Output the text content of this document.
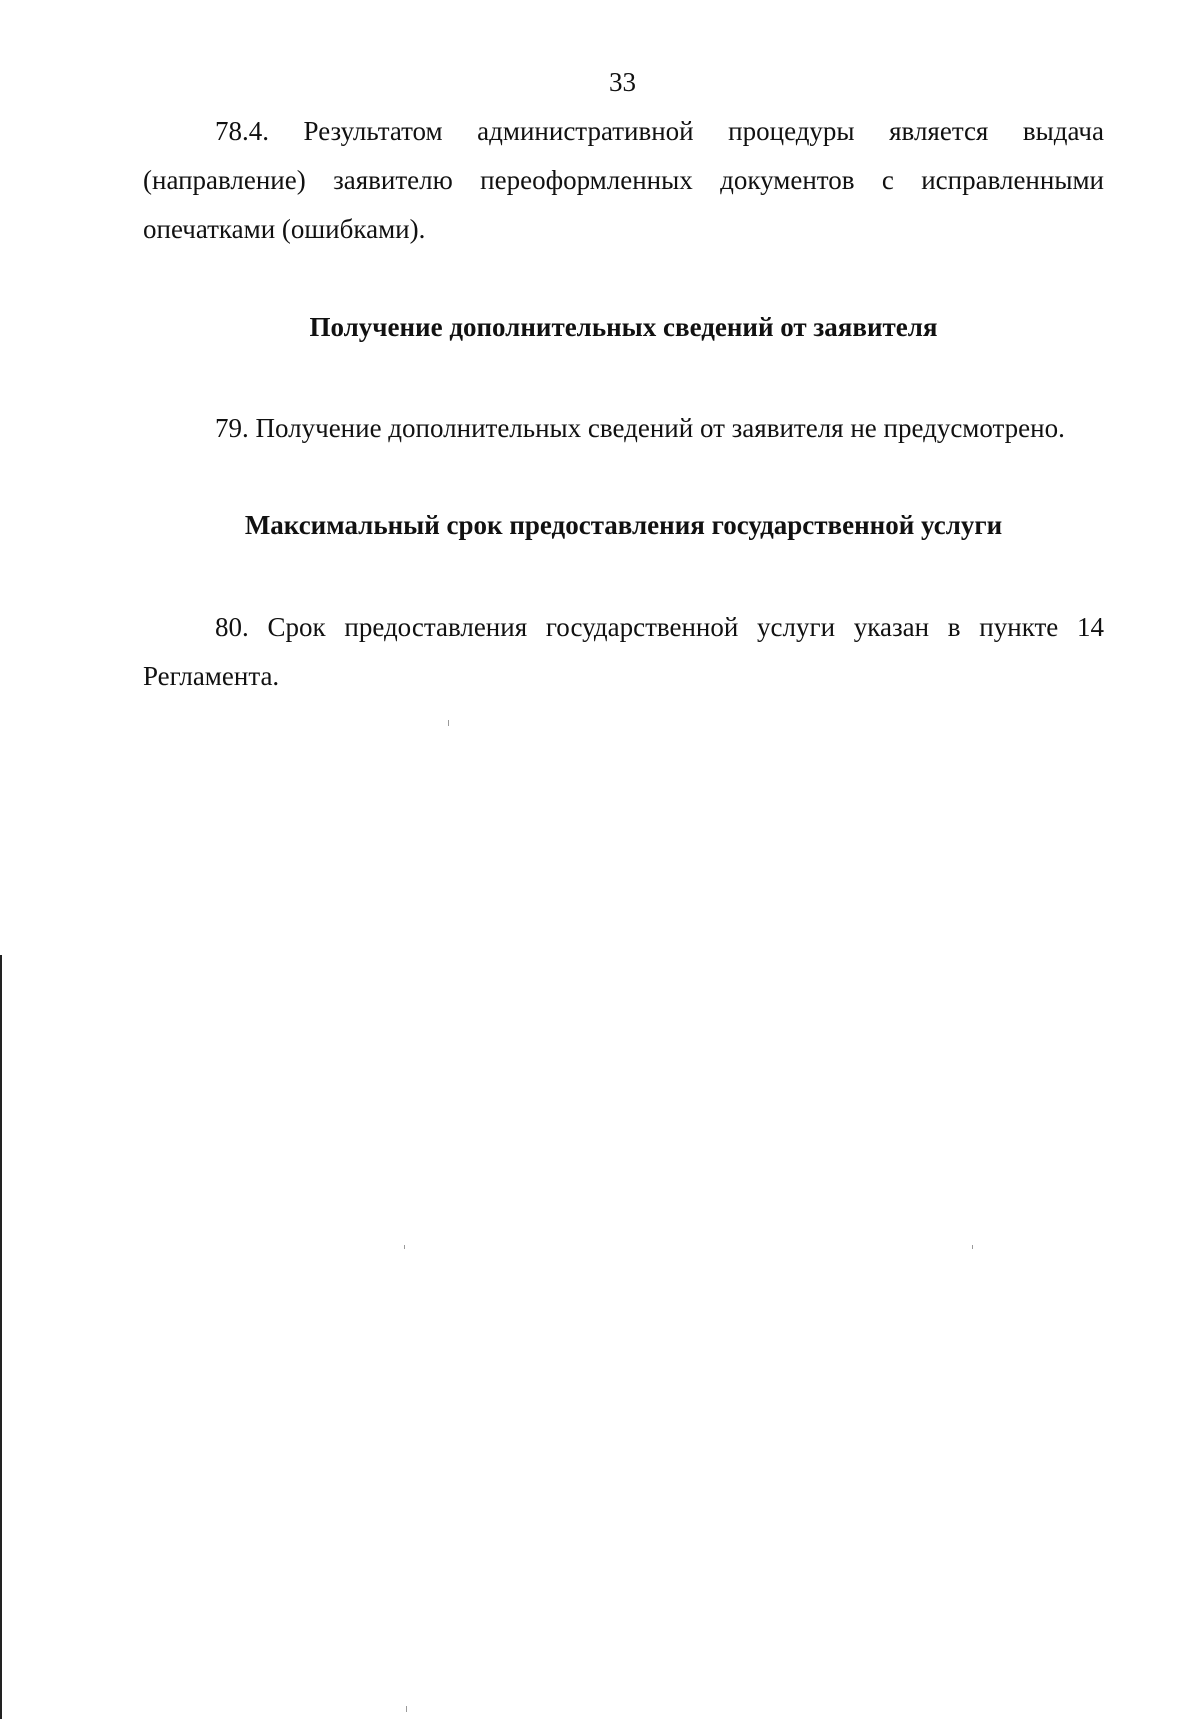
33

78.4. Результатом административной процедуры является выдача (направление) заявителю переоформленных документов с исправленными опечатками (ошибками).

Получение дополнительных сведений от заявителя

79. Получение дополнительных сведений от заявителя не предусмотрено.

Максимальный срок предоставления государственной услуги

80. Срок предоставления государственной услуги указан в пункте 14 Регламента.
